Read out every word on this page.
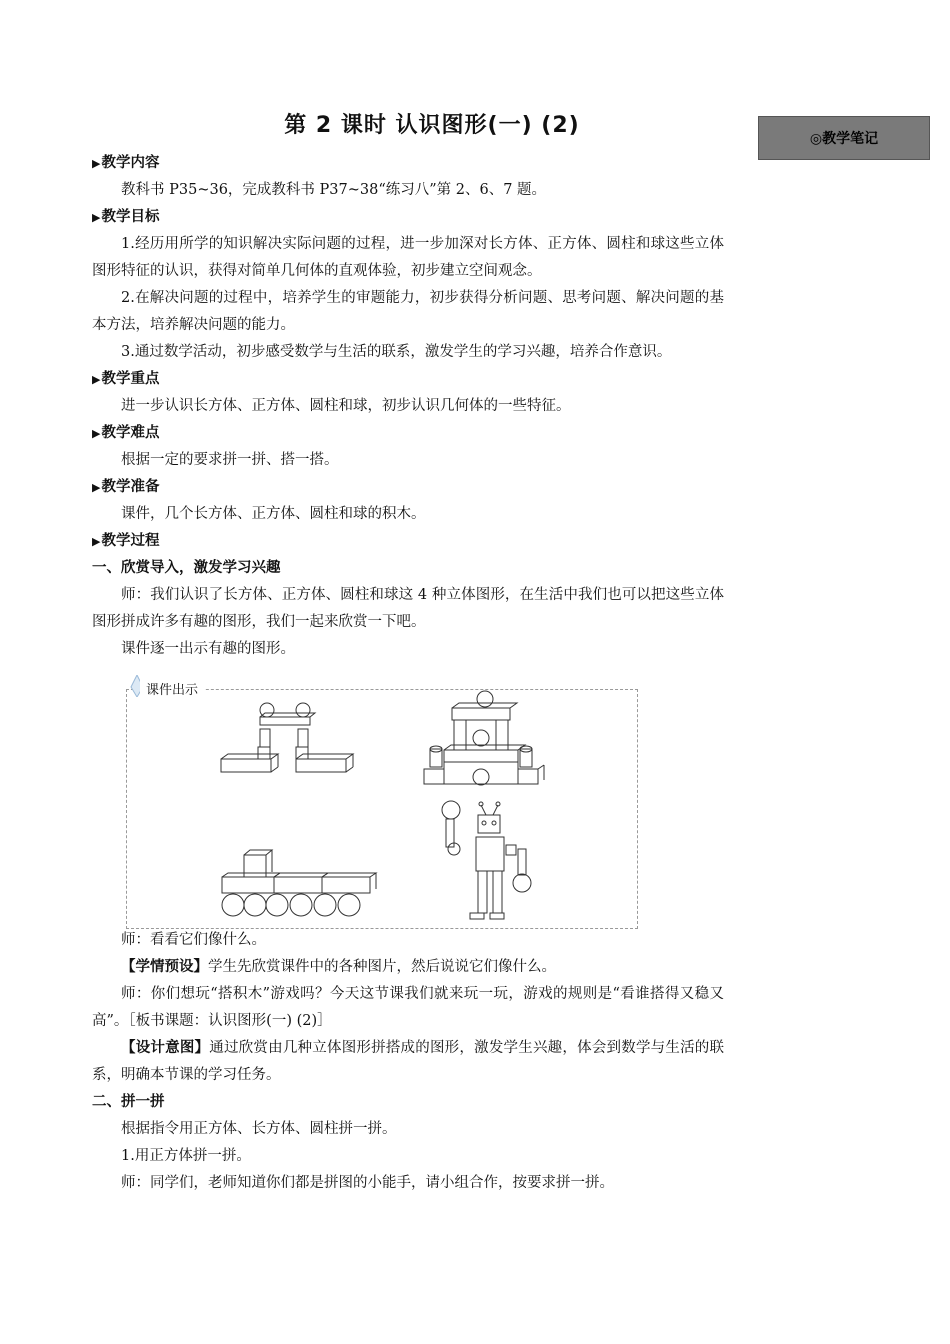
第 2 课时 认识图形(一) (2)
◎教学笔记
▶教学内容
教科书 P35~36，完成教科书 P37~38“练习八”第 2、6、7 题。
▶教学目标
1.经历用所学的知识解决实际问题的过程，进一步加深对长方体、正方体、圆柱和球这些立体图形特征的认识，获得对简单几何体的直观体验，初步建立空间观念。
2.在解决问题的过程中，培养学生的审题能力，初步获得分析问题、思考问题、解决问题的基本方法，培养解决问题的能力。
3.通过数学活动，初步感受数学与生活的联系，激发学生的学习兴趣，培养合作意识。
▶教学重点
进一步认识长方体、正方体、圆柱和球，初步认识几何体的一些特征。
▶教学难点
根据一定的要求拼一拼、搭一搭。
▶教学准备
课件，几个长方体、正方体、圆柱和球的积木。
▶教学过程
一、欣赏导入，激发学习兴趣
师：我们认识了长方体、正方体、圆柱和球这 4 种立体图形，在生活中我们也可以把这些立体图形拼成许多有趣的图形，我们一起来欣赏一下吧。
课件逐一出示有趣的图形。
课件出示
师：看看它们像什么。
【学情预设】学生先欣赏课件中的各种图片，然后说说它们像什么。
师：你们想玩“搭积木”游戏吗？今天这节课我们就来玩一玩，游戏的规则是“看谁搭得又稳又高”。［板书课题：认识图形(一) (2)］
【设计意图】通过欣赏由几种立体图形拼搭成的图形，激发学生兴趣，体会到数学与生活的联系，明确本节课的学习任务。
二、拼一拼
根据指令用正方体、长方体、圆柱拼一拼。
1.用正方体拼一拼。
师：同学们，老师知道你们都是拼图的小能手，请小组合作，按要求拼一拼。
